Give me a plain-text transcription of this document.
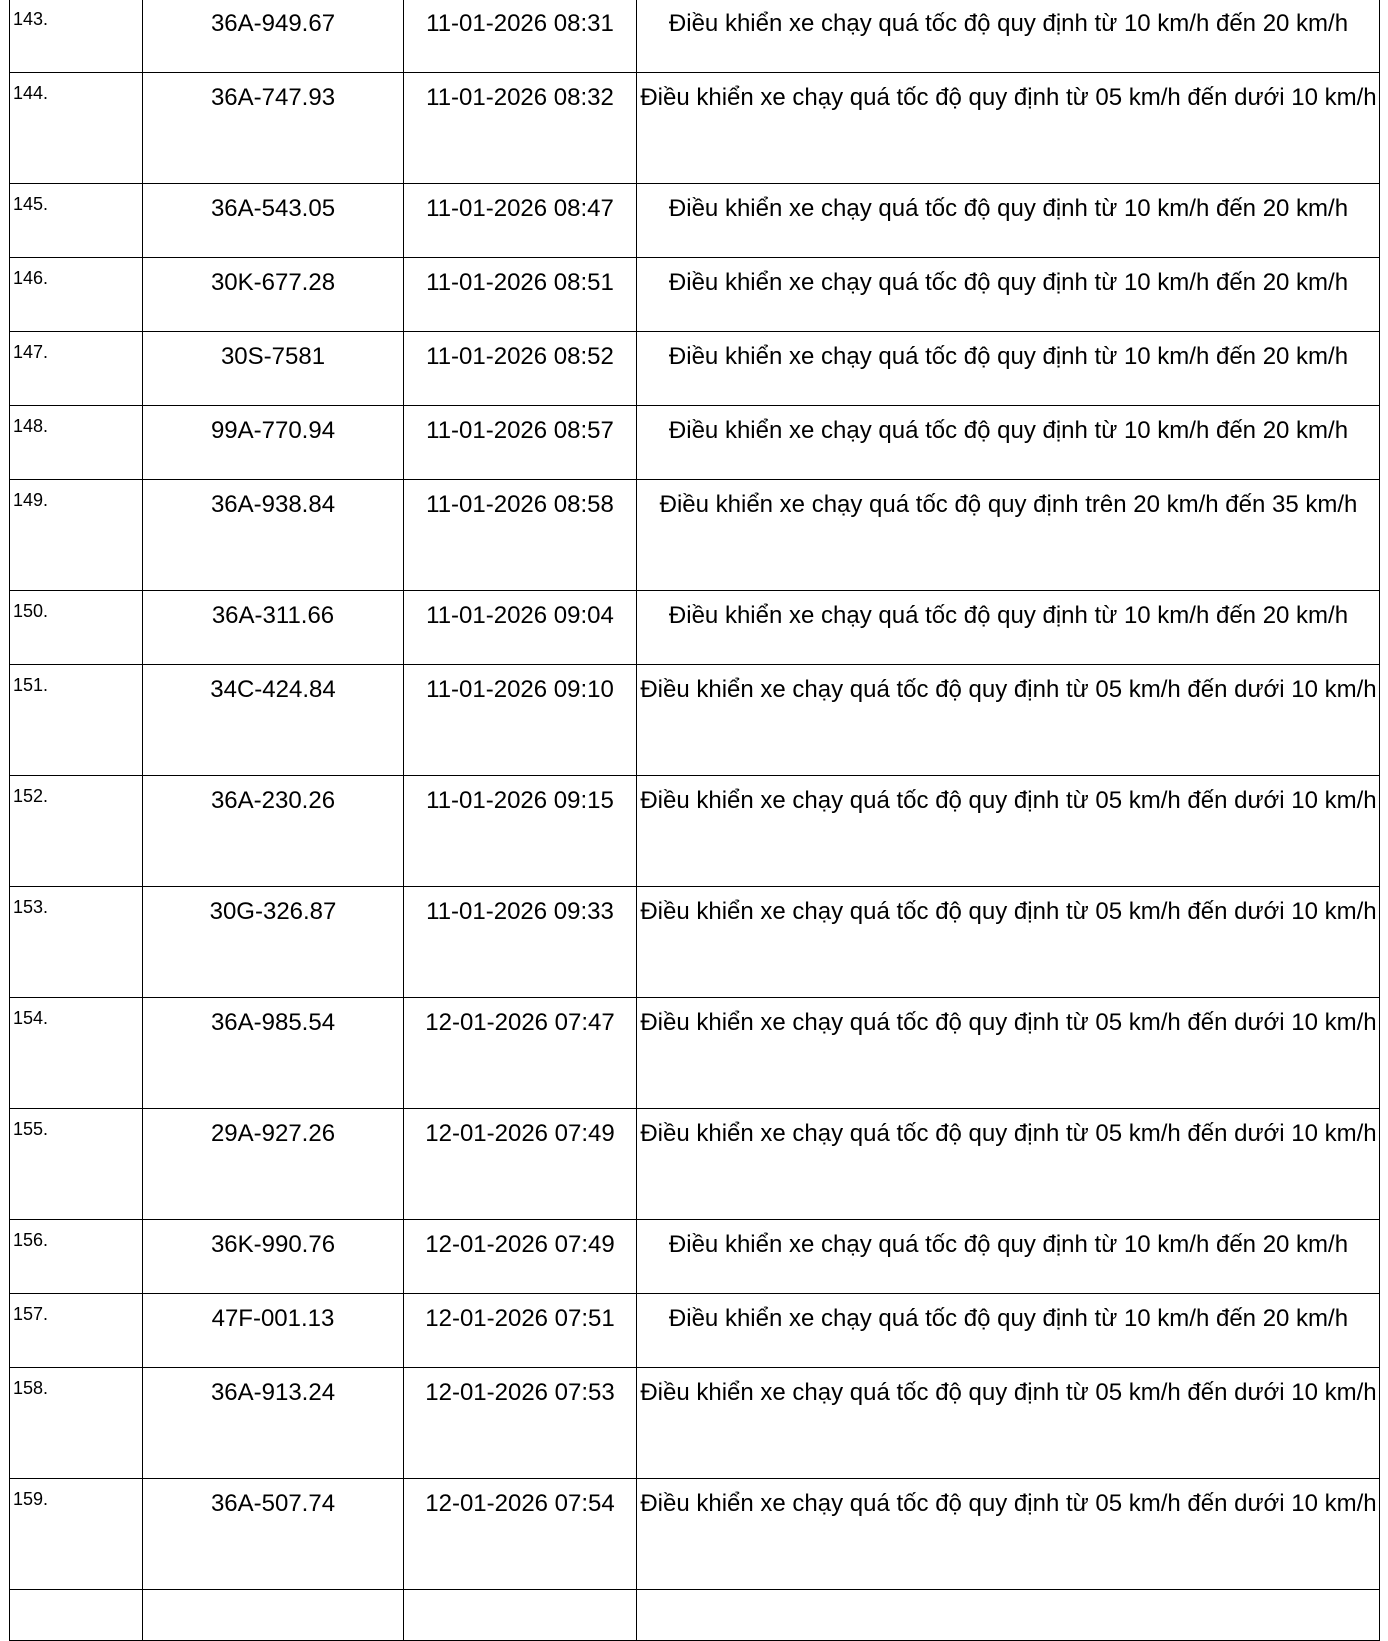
143.	36A-949.67	11-01-2026 08:31	Điều khiển xe chạy quá tốc độ quy định từ 10 km/h đến 20 km/h
144.	36A-747.93	11-01-2026 08:32	Điều khiển xe chạy quá tốc độ quy định từ 05 km/h đến dưới 10 km/h
145.	36A-543.05	11-01-2026 08:47	Điều khiển xe chạy quá tốc độ quy định từ 10 km/h đến 20 km/h
146.	30K-677.28	11-01-2026 08:51	Điều khiển xe chạy quá tốc độ quy định từ 10 km/h đến 20 km/h
147.	30S-7581	11-01-2026 08:52	Điều khiển xe chạy quá tốc độ quy định từ 10 km/h đến 20 km/h
148.	99A-770.94	11-01-2026 08:57	Điều khiển xe chạy quá tốc độ quy định từ 10 km/h đến 20 km/h
149.	36A-938.84	11-01-2026 08:58	Điều khiển xe chạy quá tốc độ quy định trên 20 km/h đến 35 km/h
150.	36A-311.66	11-01-2026 09:04	Điều khiển xe chạy quá tốc độ quy định từ 10 km/h đến 20 km/h
151.	34C-424.84	11-01-2026 09:10	Điều khiển xe chạy quá tốc độ quy định từ 05 km/h đến dưới 10 km/h
152.	36A-230.26	11-01-2026 09:15	Điều khiển xe chạy quá tốc độ quy định từ 05 km/h đến dưới 10 km/h
153.	30G-326.87	11-01-2026 09:33	Điều khiển xe chạy quá tốc độ quy định từ 05 km/h đến dưới 10 km/h
154.	36A-985.54	12-01-2026 07:47	Điều khiển xe chạy quá tốc độ quy định từ 05 km/h đến dưới 10 km/h
155.	29A-927.26	12-01-2026 07:49	Điều khiển xe chạy quá tốc độ quy định từ 05 km/h đến dưới 10 km/h
156.	36K-990.76	12-01-2026 07:49	Điều khiển xe chạy quá tốc độ quy định từ 10 km/h đến 20 km/h
157.	47F-001.13	12-01-2026 07:51	Điều khiển xe chạy quá tốc độ quy định từ 10 km/h đến 20 km/h
158.	36A-913.24	12-01-2026 07:53	Điều khiển xe chạy quá tốc độ quy định từ 05 km/h đến dưới 10 km/h
159.	36A-507.74	12-01-2026 07:54	Điều khiển xe chạy quá tốc độ quy định từ 05 km/h đến dưới 10 km/h
